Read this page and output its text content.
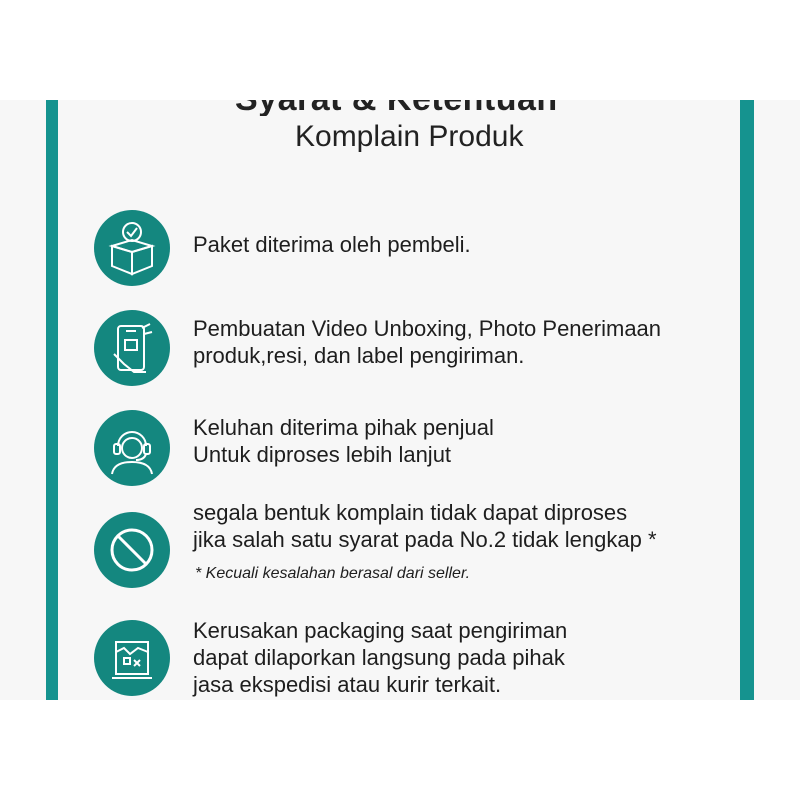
Komplain Produk
Paket diterima oleh pembeli.
Pembuatan Video Unboxing, Photo Penerimaan
produk,resi, dan label pengiriman.
Keluhan diterima pihak penjual
Untuk diproses lebih lanjut
segala bentuk komplain tidak dapat diproses
jika salah satu syarat pada No.2 tidak lengkap *
* Kecuali kesalahan berasal dari seller.
Kerusakan packaging saat pengiriman
dapat dilaporkan langsung pada pihak
jasa ekspedisi atau kurir terkait.
